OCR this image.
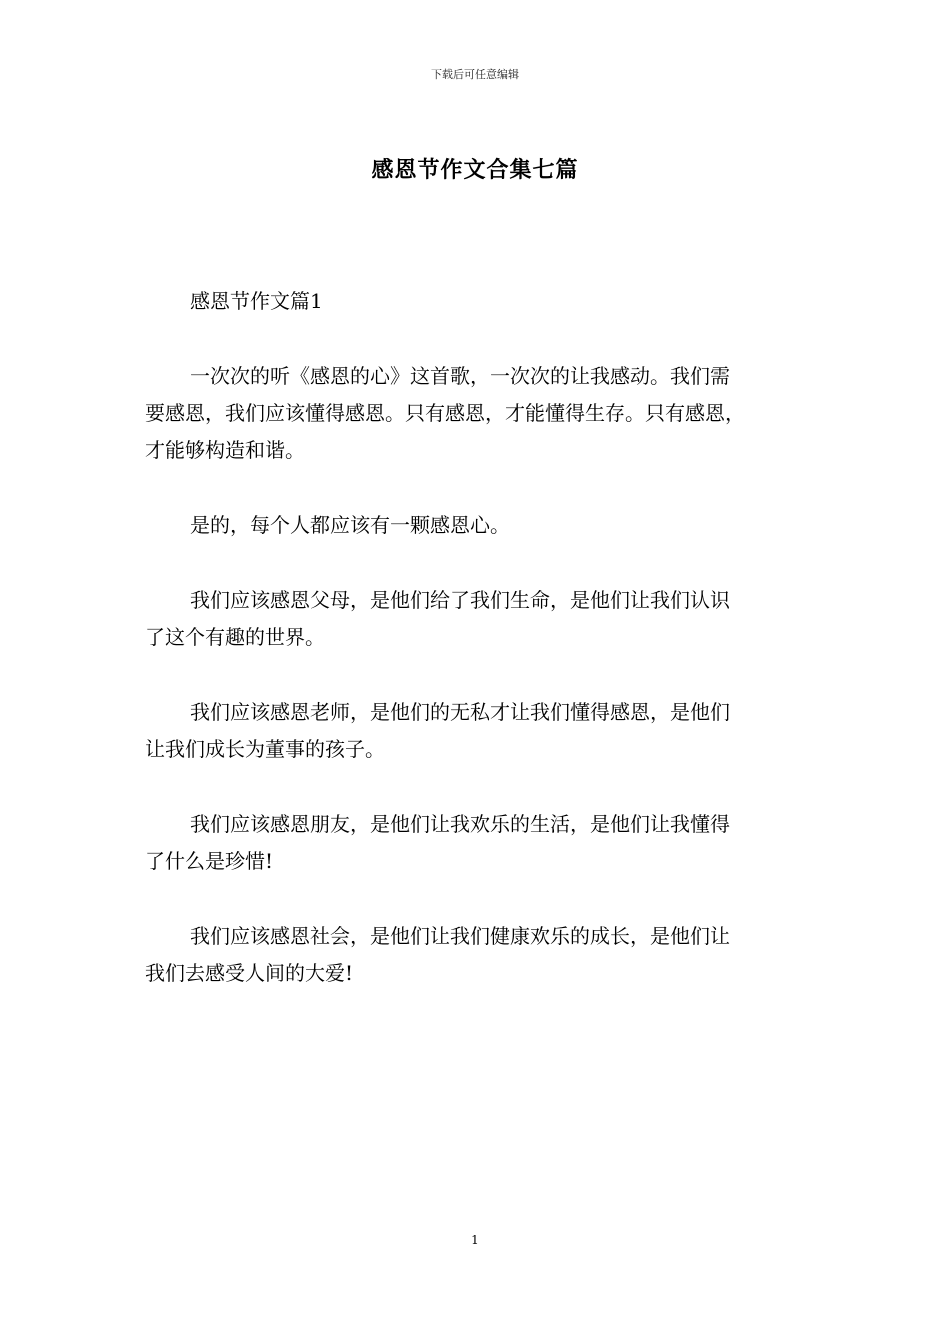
下载后可任意编辑
感恩节作文合集七篇

感恩节作文篇1

一次次的听《感恩的心》这首歌，一次次的让我感动。我们需
要感恩，我们应该懂得感恩。只有感恩，才能懂得生存。只有感恩，
才能够构造和谐。

是的，每个人都应该有一颗感恩心。

我们应该感恩父母，是他们给了我们生命，是他们让我们认识
了这个有趣的世界。

我们应该感恩老师，是他们的无私才让我们懂得感恩，是他们
让我们成长为董事的孩子。

我们应该感恩朋友，是他们让我欢乐的生活，是他们让我懂得
了什么是珍惜!

我们应该感恩社会，是他们让我们健康欢乐的成长，是他们让
我们去感受人间的大爱!

1
